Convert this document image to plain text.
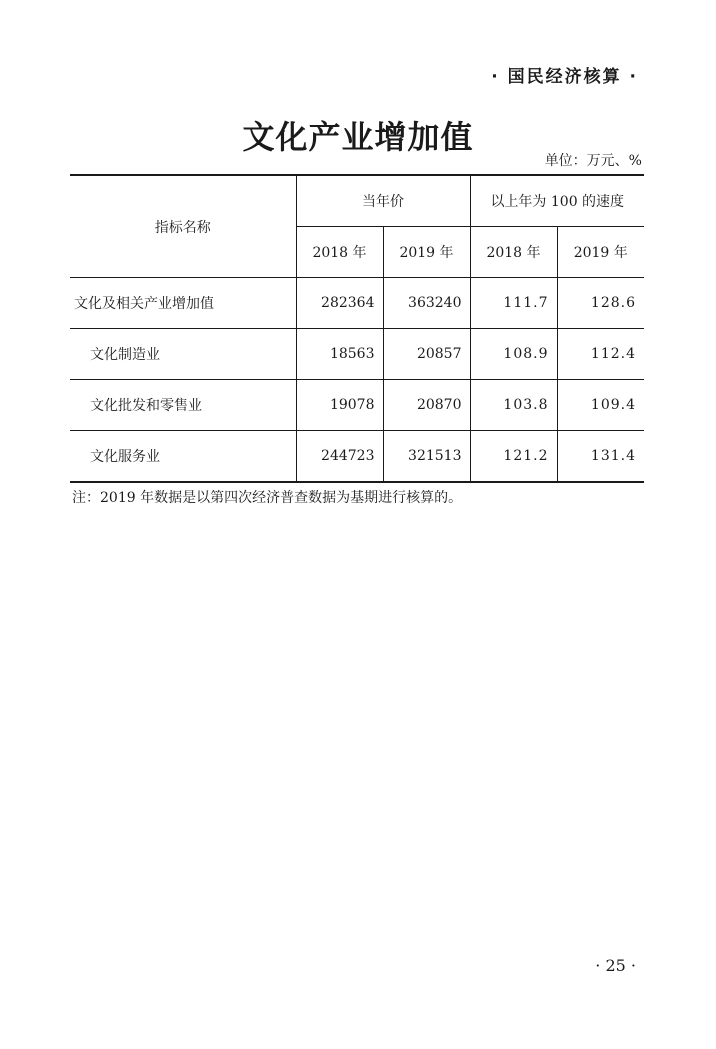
· 国民经济核算 ·
文化产业增加值
单位：万元、%
指标名称	当年价		以上年为 100 的速度	
	2018 年	2019 年	2018 年	2019 年
文化及相关产业增加值	282364	363240	111.7	128.6
文化制造业	18563	20857	108.9	112.4
文化批发和零售业	19078	20870	103.8	109.4
文化服务业	244723	321513	121.2	131.4
注：2019 年数据是以第四次经济普查数据为基期进行核算的。
· 25 ·
